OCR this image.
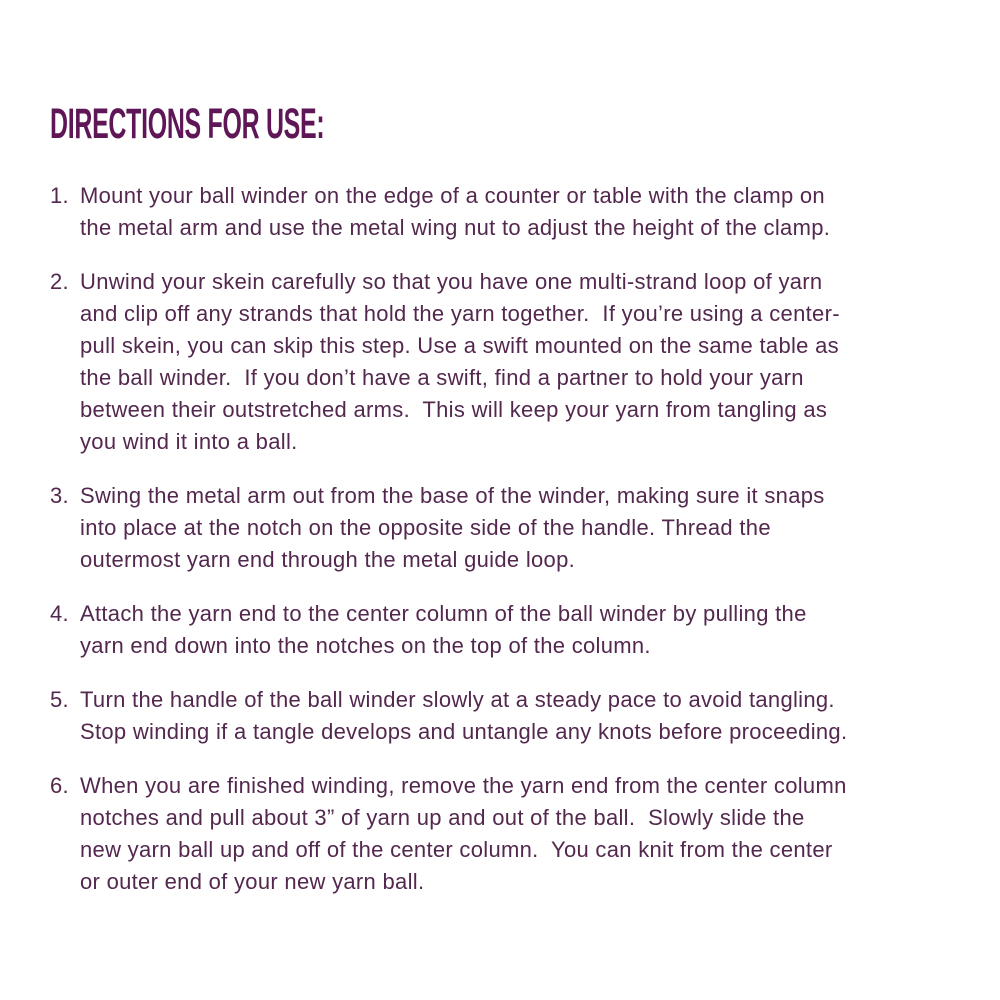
DIRECTIONS FOR USE:
1. Mount your ball winder on the edge of a counter or table with the clamp on
the metal arm and use the metal wing nut to adjust the height of the clamp.
2. Unwind your skein carefully so that you have one multi-strand loop of yarn
and clip off any strands that hold the yarn together.  If you’re using a center-
pull skein, you can skip this step. Use a swift mounted on the same table as
the ball winder.  If you don’t have a swift, find a partner to hold your yarn
between their outstretched arms.  This will keep your yarn from tangling as
you wind it into a ball.
3. Swing the metal arm out from the base of the winder, making sure it snaps
into place at the notch on the opposite side of the handle. Thread the
outermost yarn end through the metal guide loop.
4. Attach the yarn end to the center column of the ball winder by pulling the
yarn end down into the notches on the top of the column.
5. Turn the handle of the ball winder slowly at a steady pace to avoid tangling.
Stop winding if a tangle develops and untangle any knots before proceeding.
6. When you are finished winding, remove the yarn end from the center column
notches and pull about 3” of yarn up and out of the ball.  Slowly slide the
new yarn ball up and off of the center column.  You can knit from the center
or outer end of your new yarn ball.
